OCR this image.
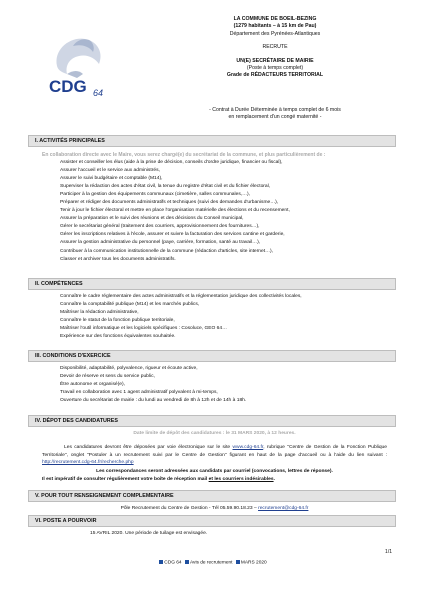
CDG 64
LA COMMUNE DE BOEIL-BEZING
(1279 habitants – à 15 km de Pau)
Département des Pyrénées-Atlantiques
RECRUTE
UN(E) SECRÉTAIRE DE MAIRIE
(Poste à temps complet)
Grade de RÉDACTEURS TERRITORIAL
- Contrat à Durée Déterminée à temps complet de 6 mois
en remplacement d'un congé maternité -
I. ACTIVITÉS PRINCIPALES
En collaboration directe avec le Maire, vous serez chargé(e) du secrétariat de la commune, et plus particulièrement de :
- Assister et conseiller les élus (aide à la prise de décision, conseils d'ordre juridique, financier ou fiscal),
- Assurer l'accueil et le service aux administrés,
- Assurer le suivi budgétaire et comptable (M14),
- Superviser la rédaction des actes d'état civil, la tenue du registre d'état civil et du fichier électoral,
- Participer à la gestion des équipements communaux (cimetière, salles communales,…),
- Préparer et rédiger des documents administratifs et techniques (suivi des demandes d'urbanisme…),
- Tenir à jour le fichier électoral et mettre en place l'organisation matérielle des élections et du recensement,
- Assurer la préparation et le suivi des réunions et des décisions du Conseil municipal,
- Gérer le secrétariat général (traitement des courriers, approvisionnement des fournitures…),
- Gérer les inscriptions relatives à l'école, assurer et suivre la facturation des services cantine et garderie,
- Assurer la gestion administrative du personnel (paye, carrière, formation, santé au travail…),
- Contribuer à la communication institutionnelle de la commune (rédaction d'articles, site internet…),
- Classer et archiver tous les documents administratifs.
II. COMPÉTENCES
- Connaître le cadre réglementaire des actes administratifs et la réglementation juridique des collectivités locales,
- Connaître la comptabilité publique (M14) et les marchés publics,
- Maîtriser la rédaction administrative,
- Connaître le statut de la fonction publique territoriale,
- Maîtriser l'outil informatique et les logiciels spécifiques : Cosoluce, GEO 64…
- Expérience sur des fonctions équivalentes souhaitée.
III. CONDITIONS D'EXERCICE
- Disponibilité, adaptabilité, polyvalence, rigueur et écoute active,
- Devoir de réserve et sens du service public,
- Être autonome et organisé(e),
- Travail en collaboration avec 1 agent administratif polyvalent à mi-temps,
- Ouverture du secrétariat de mairie : du lundi au vendredi de 8h à 12h et de 14h à 18h.
IV. DÉPOT DES CANDIDATURES
Date limite de dépôt des candidatures : le 31 MARS 2020, à 12 heures.
Les candidatures devront être déposées par voie électronique sur le site www.cdg-64.fr, rubrique "Centre de Gestion de la Fonction Publique Territoriale", onglet "Postuler à un recrutement suivi par le Centre de Gestion" figurant en haut de la page d'accueil ou à l'aide du lien suivant : http://recrutement.cdg-64.fr/recherche.php
Les correspondances seront adressées aux candidats par courriel (convocations, lettres de réponse).
Il est impératif de consulter régulièrement votre boîte de réception mail et les courriers indésirables.
V. POUR TOUT RENSEIGNEMENT COMPLEMENTAIRE
Pôle Recrutement du Centre de Gestion - Tél 05.59.90.18.23 – recrutement@cdg-64.fr
VI. POSTE A POURVOIR
15 AVRIL 2020. Une période de tuilage est envisagée.
1/1
CDG 64 Avis de recrutement MARS 2020
